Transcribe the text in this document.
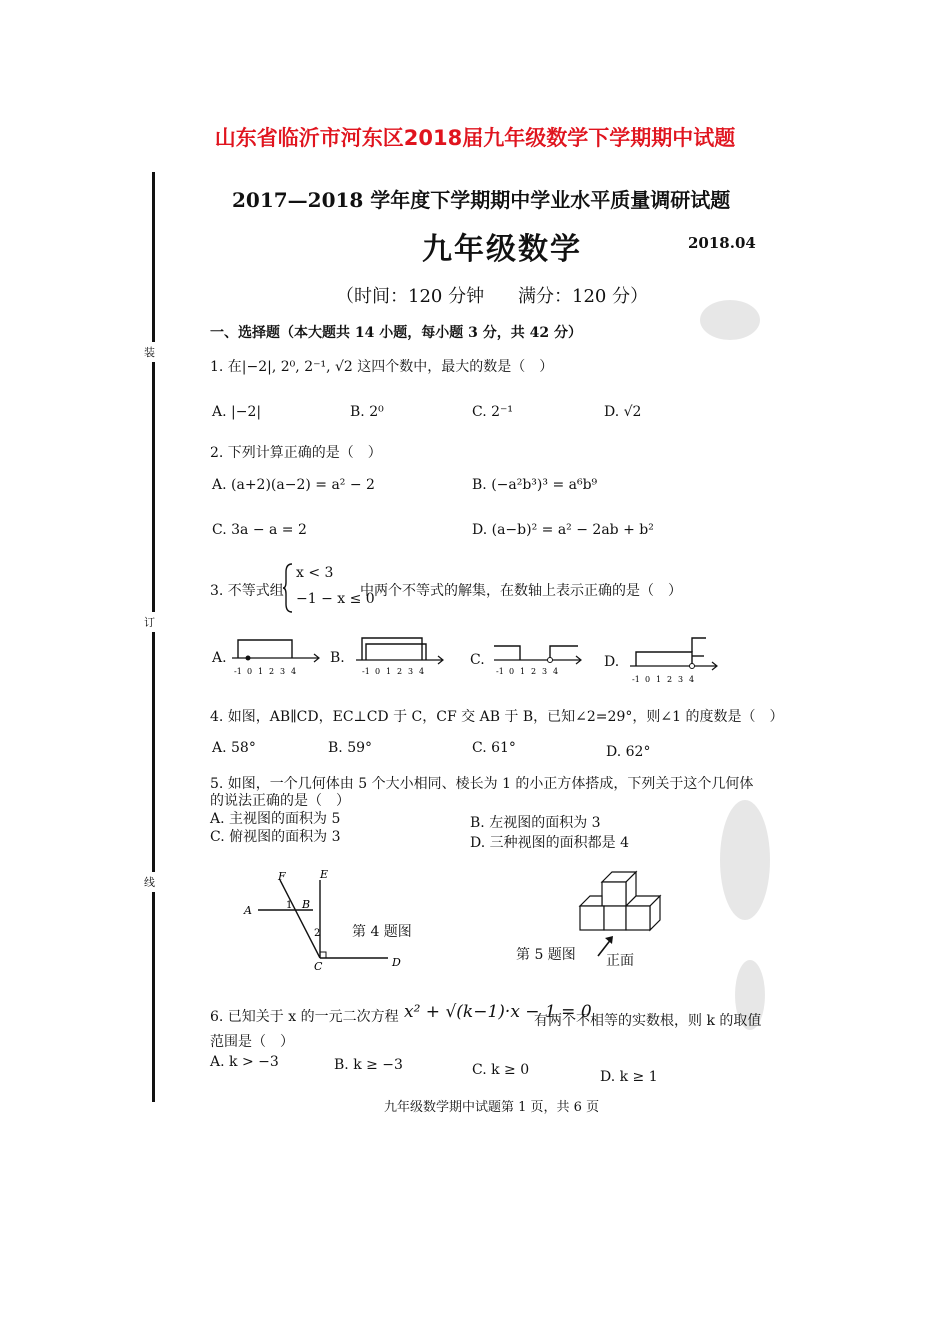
山东省临沂市河东区2018届九年级数学下学期期中试题
装
订
线
2017—2018 学年度下学期期中学业水平质量调研试题
九年级数学	2018.04
（时间：120 分钟 满分：120 分）
一、选择题（本大题共 14 小题，每小题 3 分，共 42 分）
1. 在|−2|, 2⁰, 2⁻¹, √2 这四个数中，最大的数是（　）
A. |−2|	B. 2⁰	C. 2⁻¹	D. √2
2. 下列计算正确的是（　）
A. (a+2)(a−2) = a² − 2	B. (−a²b³)³ = a⁶b⁹
C. 3a − a = 2	D. (a−b)² = a² − 2ab + b²
3. 不等式组
x < 3
−1 − x ≤ 0
中两个不等式的解集，在数轴上表示正确的是（　）
A.	B.	C.	D.
-1 0 1 2 3 4	-1 0 1 2 3 4	-1 0 1 2 3 4
-1 0 1 2 3 4
4. 如图，AB∥CD，EC⊥CD 于 C，CF 交 AB 于 B，已知∠2=29°，则∠1 的度数是（　）
A. 58°	B. 59°	C. 61°	D. 62°
5. 如图，一个几何体由 5 个大小相同、棱长为 1 的小正方体搭成，下列关于这个几何体
的说法正确的是（　）
A. 主视图的面积为 5	B. 左视图的面积为 3
C. 俯视图的面积为 3	D. 三种视图的面积都是 4
A	B
C	D
E
F
1
2 第 4 题图
第 5 题图 正面
6. 已知关于 x 的一元二次方程 x² + √(k−1)·x − 1 = 0
有两个不相等的实数根，则 k 的取值
范围是（　）
A. k > −3	B. k ≥ −3	C. k ≥ 0	D. k ≥ 1
九年级数学期中试题第 1 页，共 6 页
